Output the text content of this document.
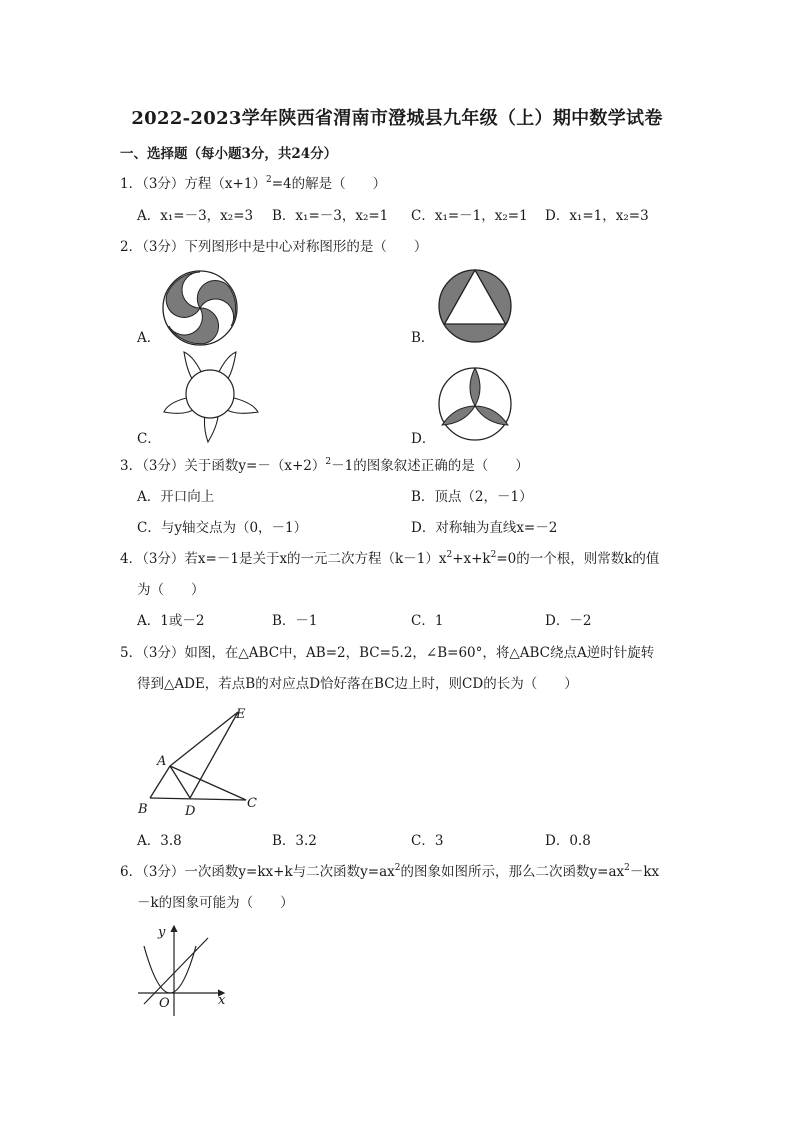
2022-2023学年陕西省渭南市澄城县九年级（上）期中数学试卷
一、选择题（每小题3分，共24分）
1．（3分）方程$(x+1)^2=4$的解是（　　）
A．x₁=－3，x₂=3 B．x₁=－3，x₂=1 C．x₁=－1，x₂=1 D．x₁=1，x₂=3
2．（3分）下列图形中是中心对称图形的是（　　）
A．	B．
C．	D．
3．（3分）关于函数$y=-(x+2)^2-1$的图象叙述正确的是（　　）
A．开口向上	B．顶点（2，－1）
C．与y轴交点为（0，－1）	D．对称轴为直线x=－2
4．（3分）若x=－1是关于x的一元二次方程$(k-1)x^2+x+k^2=0$的一个根，则常数k的值
为（　　）
A．1或－2	B．－1	C．1	D．－2
5．（3分）如图，在△ABC中，AB=2，BC=5.2，∠B=60°，将△ABC绕点A逆时针旋转
得到△ADE，若点B的对应点D恰好落在BC边上时，则CD的长为（　　）
A
B	C
D
E
A．3.8	B．3.2	C．3	D．0.8
6．（3分）一次函数y=kx+k与二次函数$y=ax^2$的图象如图所示，那么二次函数$y=ax^2-kx$
－k的图象可能为（　　）
y
x
O
